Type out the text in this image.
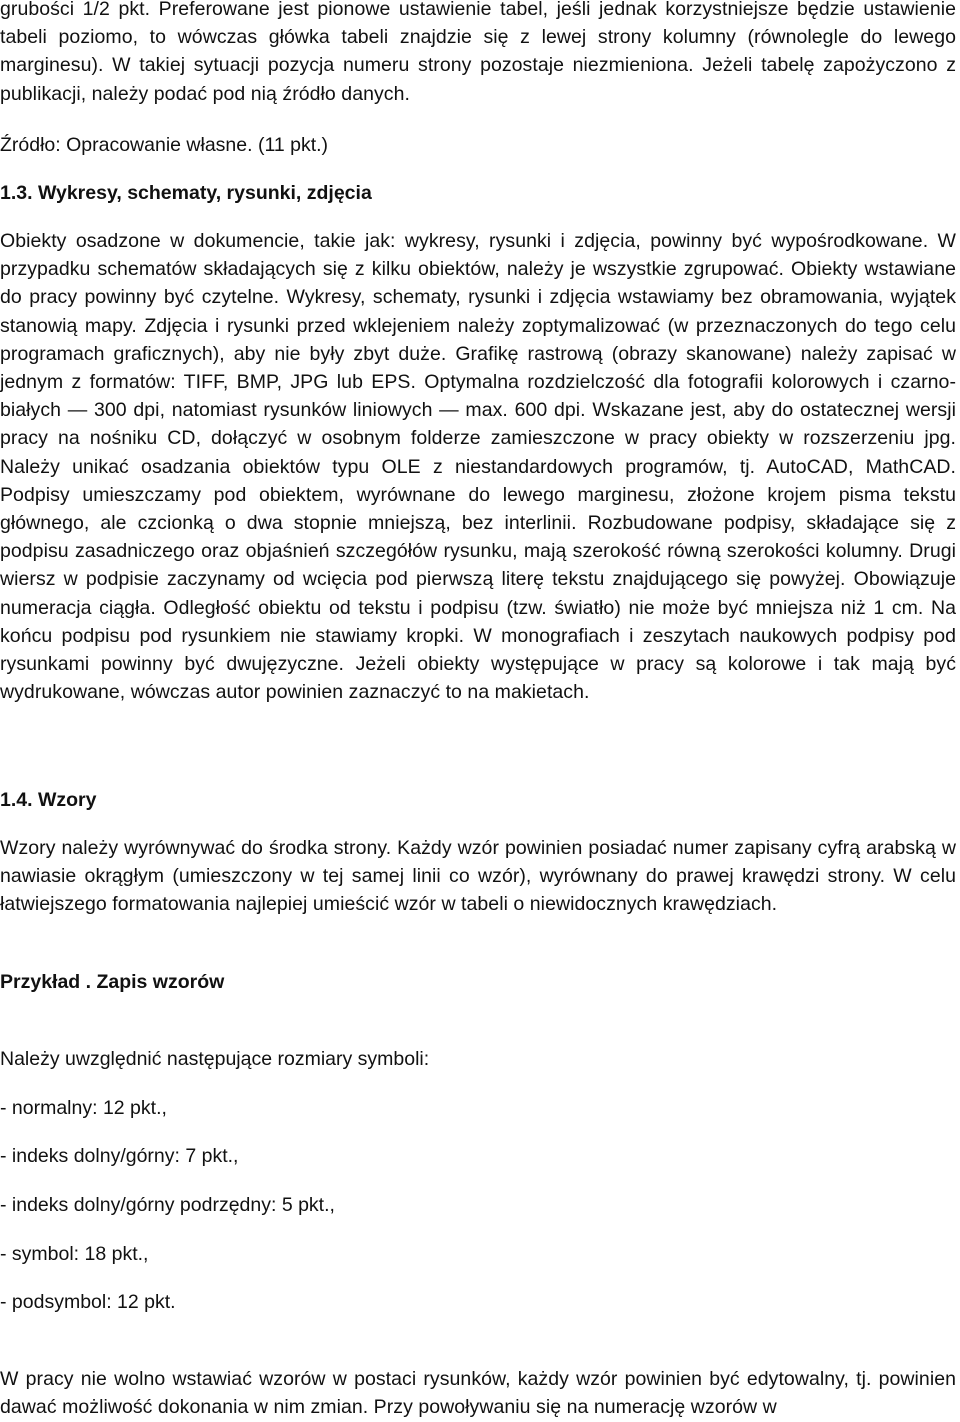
grubości 1/2 pkt. Preferowane jest pionowe ustawienie tabel, jeśli jednak korzystniejsze będzie ustawienie tabeli poziomo, to wówczas główka tabeli znajdzie się z lewej strony kolumny (równolegle do lewego marginesu). W takiej sytuacji pozycja numeru strony pozostaje niezmieniona. Jeżeli tabelę zapożyczono z publikacji, należy podać pod nią źródło danych.

Źródło: Opracowanie własne. (11 pkt.)

1.3. Wykresy, schematy, rysunki, zdjęcia

Obiekty osadzone w dokumencie, takie jak: wykresy, rysunki i zdjęcia, powinny być wypośrodkowane. W przypadku schematów składających się z kilku obiektów, należy je wszystkie zgrupować. Obiekty wstawiane do pracy powinny być czytelne. Wykresy, schematy, rysunki i zdjęcia wstawiamy bez obramowania, wyjątek stanowią mapy. Zdjęcia i rysunki przed wklejeniem należy zoptymalizować (w przeznaczonych do tego celu programach graficznych), aby nie były zbyt duże. Grafikę rastrową (obrazy skanowane) należy zapisać w jednym z formatów: TIFF, BMP, JPG lub EPS. Optymalna rozdzielczość dla fotografii kolorowych i czarno-białych — 300 dpi, natomiast rysunków liniowych — max. 600 dpi. Wskazane jest, aby do ostatecznej wersji pracy na nośniku CD, dołączyć w osobnym folderze zamieszczone w pracy obiekty w rozszerzeniu jpg. Należy unikać osadzania obiektów typu OLE z niestandardowych programów, tj. AutoCAD, MathCAD. Podpisy umieszczamy pod obiektem, wyrównane do lewego marginesu, złożone krojem pisma tekstu głównego, ale czcionką o dwa stopnie mniejszą, bez interlinii. Rozbudowane podpisy, składające się z podpisu zasadniczego oraz objaśnień szczegółów rysunku, mają szerokość równą szerokości kolumny. Drugi wiersz w podpisie zaczynamy od wcięcia pod pierwszą literę tekstu znajdującego się powyżej. Obowiązuje numeracja ciągła. Odległość obiektu od tekstu i podpisu (tzw. światło) nie może być mniejsza niż 1 cm. Na końcu podpisu pod rysunkiem nie stawiamy kropki. W monografiach i zeszytach naukowych podpisy pod rysunkami powinny być dwujęzyczne. Jeżeli obiekty występujące w pracy są kolorowe i tak mają być wydrukowane, wówczas autor powinien zaznaczyć to na makietach.

1.4. Wzory

Wzory należy wyrównywać do środka strony. Każdy wzór powinien posiadać numer zapisany cyfrą arabską w nawiasie okrągłym (umieszczony w tej samej linii co wzór), wyrównany do prawej krawędzi strony. W celu łatwiejszego formatowania najlepiej umieścić wzór w tabeli o niewidocznych krawędziach.

Przykład . Zapis wzorów

Należy uwzględnić następujące rozmiary symboli:

- normalny: 12 pkt.,

- indeks dolny/górny: 7 pkt.,

- indeks dolny/górny podrzędny: 5 pkt.,

- symbol: 18 pkt.,

- podsymbol: 12 pkt.

W pracy nie wolno wstawiać wzorów w postaci rysunków, każdy wzór powinien być edytowalny, tj. powinien dawać możliwość dokonania w nim zmian. Przy powoływaniu się na numerację wzorów w
